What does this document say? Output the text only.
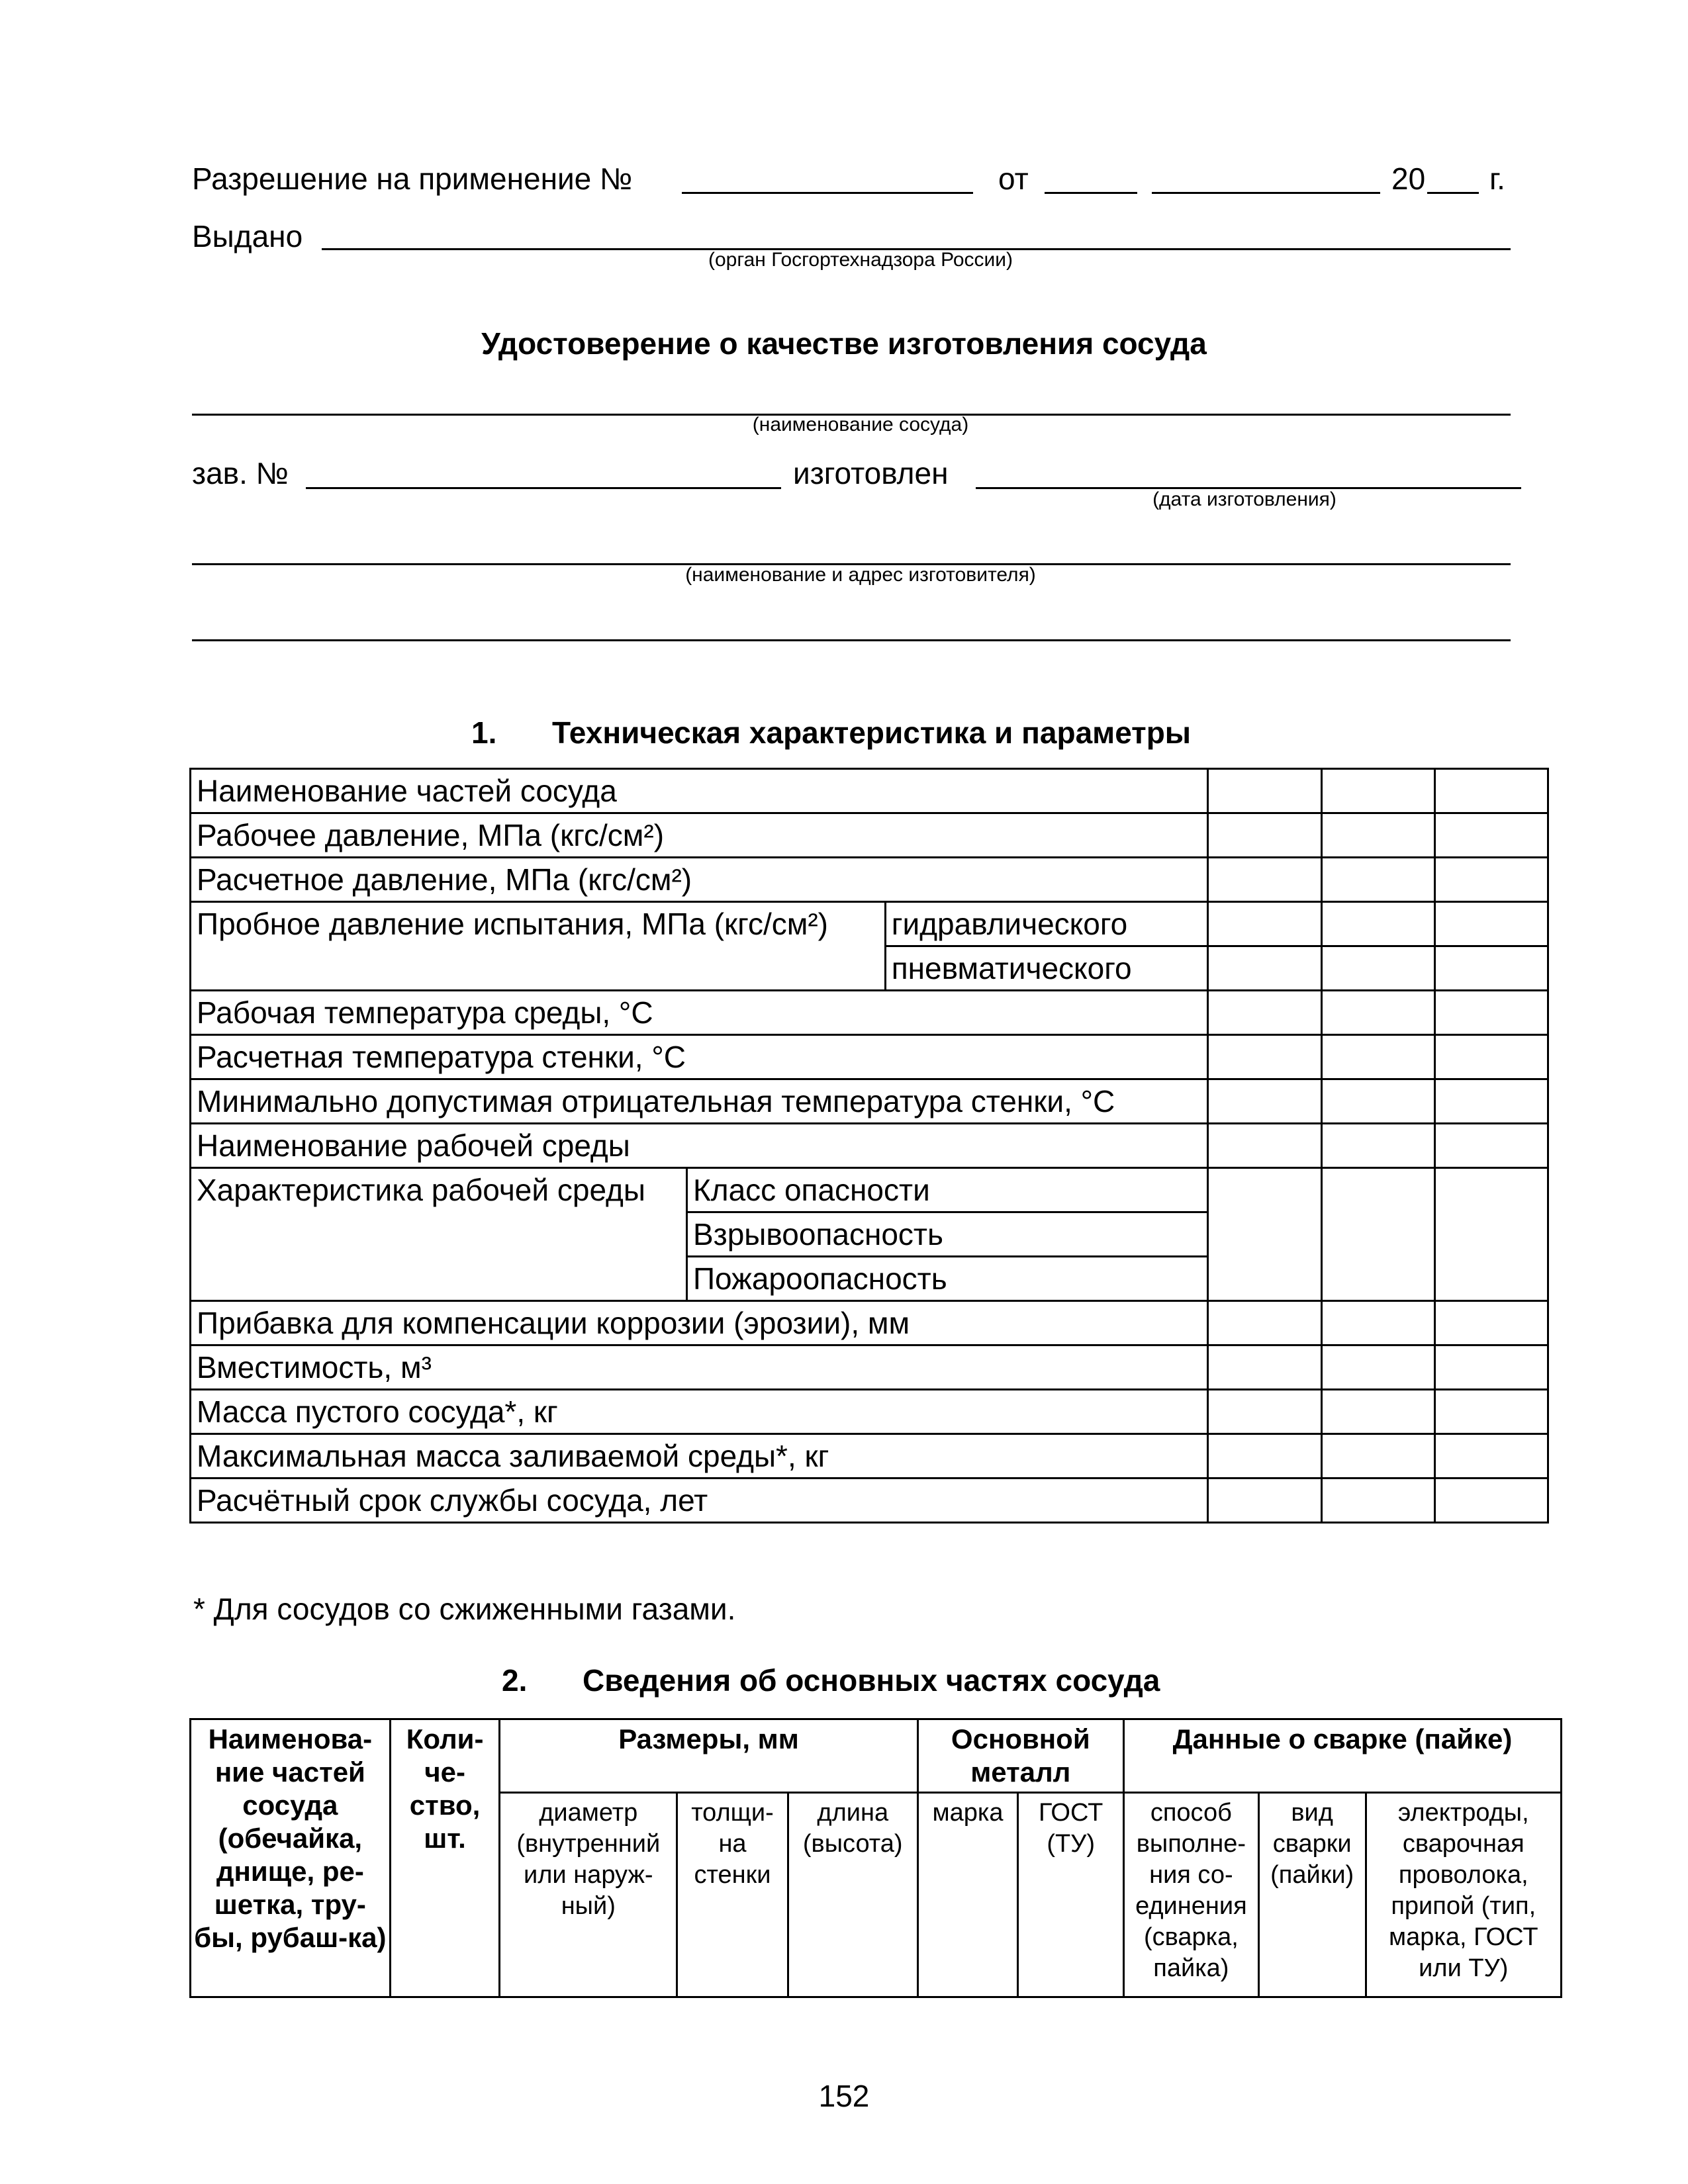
Разрешение на применение №	от	20 г.
Выдано
(орган Госгортехнадзора России)
Удостоверение о качестве изготовления сосуда
(наименование сосуда)
зав. №	изготовлен
(дата изготовления)
(наименование и адрес изготовителя)
1. Техническая характеристика и параметры
Наименование частей сосуда					
Рабочее давление, МПа (кгс/см²)					
Расчетное давление, МПа (кгс/см²)					
Пробное давление испытания, МПа (кгс/см²)		гидравлического			
		пневматического			
Рабочая температура среды, °С					
Расчетная температура стенки, °С					
Минимально допустимая отрицательная температура стенки, °С					
Наименование рабочей среды					
Характеристика рабочей среды	Класс опасности				
	Взрывоопасность				
	Пожароопасность				
Прибавка для компенсации коррозии (эрозии), мм					
Вместимость, м³					
Масса пустого сосуда*, кг					
Максимальная масса заливаемой среды*, кг					
Расчётный срок службы сосуда, лет					
* Для сосудов со сжиженными газами.
2. Сведения об основных частях сосуда
Наименова-ние частей сосуда (обечайка, днище, ре-шетка, тру-бы, рубаш-ка)	Коли-че-ство, шт.	Размеры, мм			Основной металл		Данные о сварке (пайке)		
		диаметр (внутренний или наруж-ный)	толщи-на стенки	длина (высота)	марка	ГОСТ (ТУ)	способ выполне-ния со-единения (сварка, пайка)	вид сварки (пайки)	электроды, сварочная проволока, припой (тип, марка, ГОСТ или ТУ)
152
